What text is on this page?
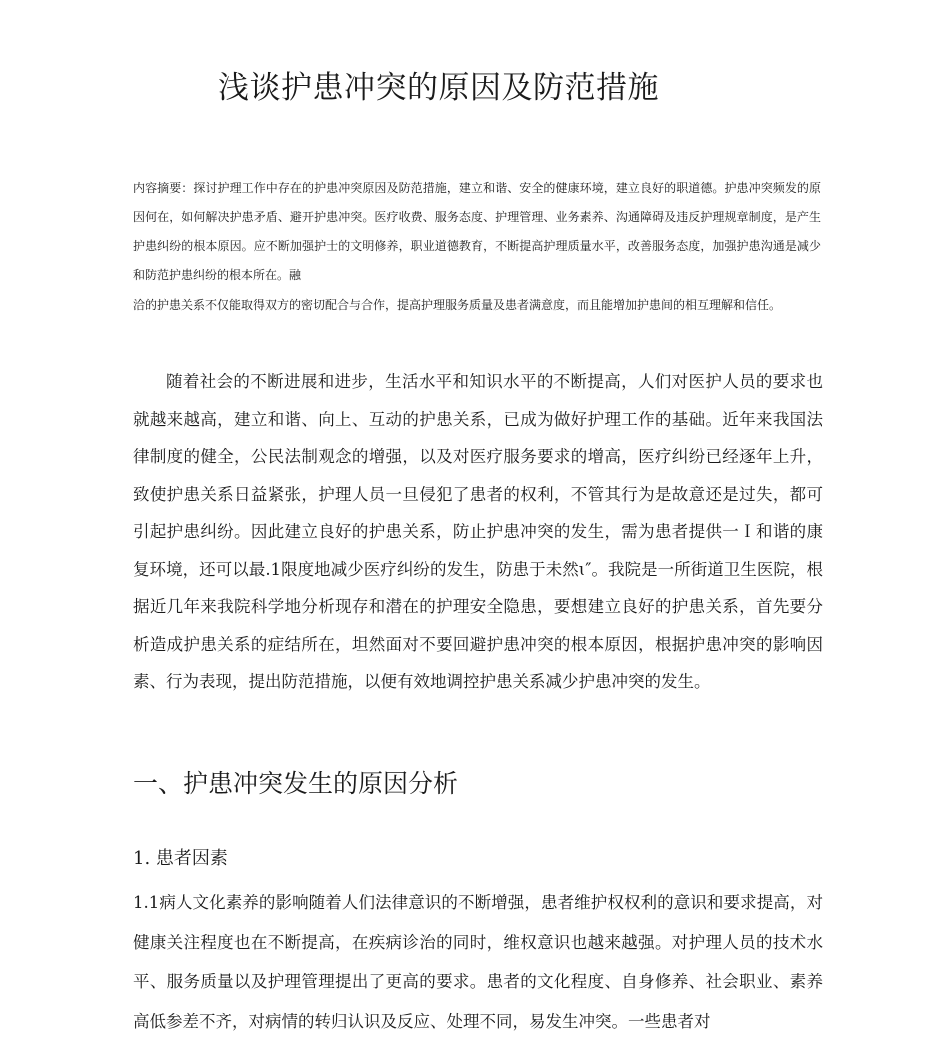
浅谈护患冲突的原因及防范措施

内容摘要：探讨护理工作中存在的护患冲突原因及防范措施，建立和谐、安全的健康环境，建立良好的职道德。护患冲突频发的原因何在，如何解决护患矛盾、避开护患冲突。医疗收费、服务态度、护理管理、业务素养、沟通障碍及违反护理规章制度，是产生护患纠纷的根本原因。应不断加强护士的文明修养，职业道德教育，不断提高护理质量水平，改善服务态度，加强护患沟通是减少和防范护患纠纷的根本所在。融

洽的护患关系不仅能取得双方的密切配合与合作，提高护理服务质量及患者满意度，而且能增加护患间的相互理解和信任。

随着社会的不断进展和进步，生活水平和知识水平的不断提高，人们对医护人员的要求也就越来越高，建立和谐、向上、互动的护患关系，已成为做好护理工作的基础。近年来我国法律制度的健全，公民法制观念的增强，以及对医疗服务要求的增高，医疗纠纷已经逐年上升，致使护患关系日益紧张，护理人员一旦侵犯了患者的权利，不管其行为是故意还是过失，都可引起护患纠纷。因此建立良好的护患关系，防止护患冲突的发生，需为患者提供一Ｉ和谐的康复环境，还可以最.1限度地减少医疗纠纷的发生，防患于未然ɩ″。我院是一所街道卫生医院，根据近几年来我院科学地分析现存和潜在的护理安全隐患，要想建立良好的护患关系，首先要分析造成护患关系的症结所在，坦然面对不要回避护患冲突的根本原因，根据护患冲突的影响因素、行为表现，提出防范措施，以便有效地调控护患关系减少护患冲突的发生。

一、护患冲突发生的原因分析
1. 患者因素

1.1病人文化素养的影响随着人们法律意识的不断增强，患者维护权权利的意识和要求提高，对健康关注程度也在不断提高，在疾病诊治的同时，维权意识也越来越强。对护理人员的技术水平、服务质量以及护理管理提出了更高的要求。患者的文化程度、自身修养、社会职业、素养高低参差不齐，对病情的转归认识及反应、处理不同，易发生冲突。一些患者对
